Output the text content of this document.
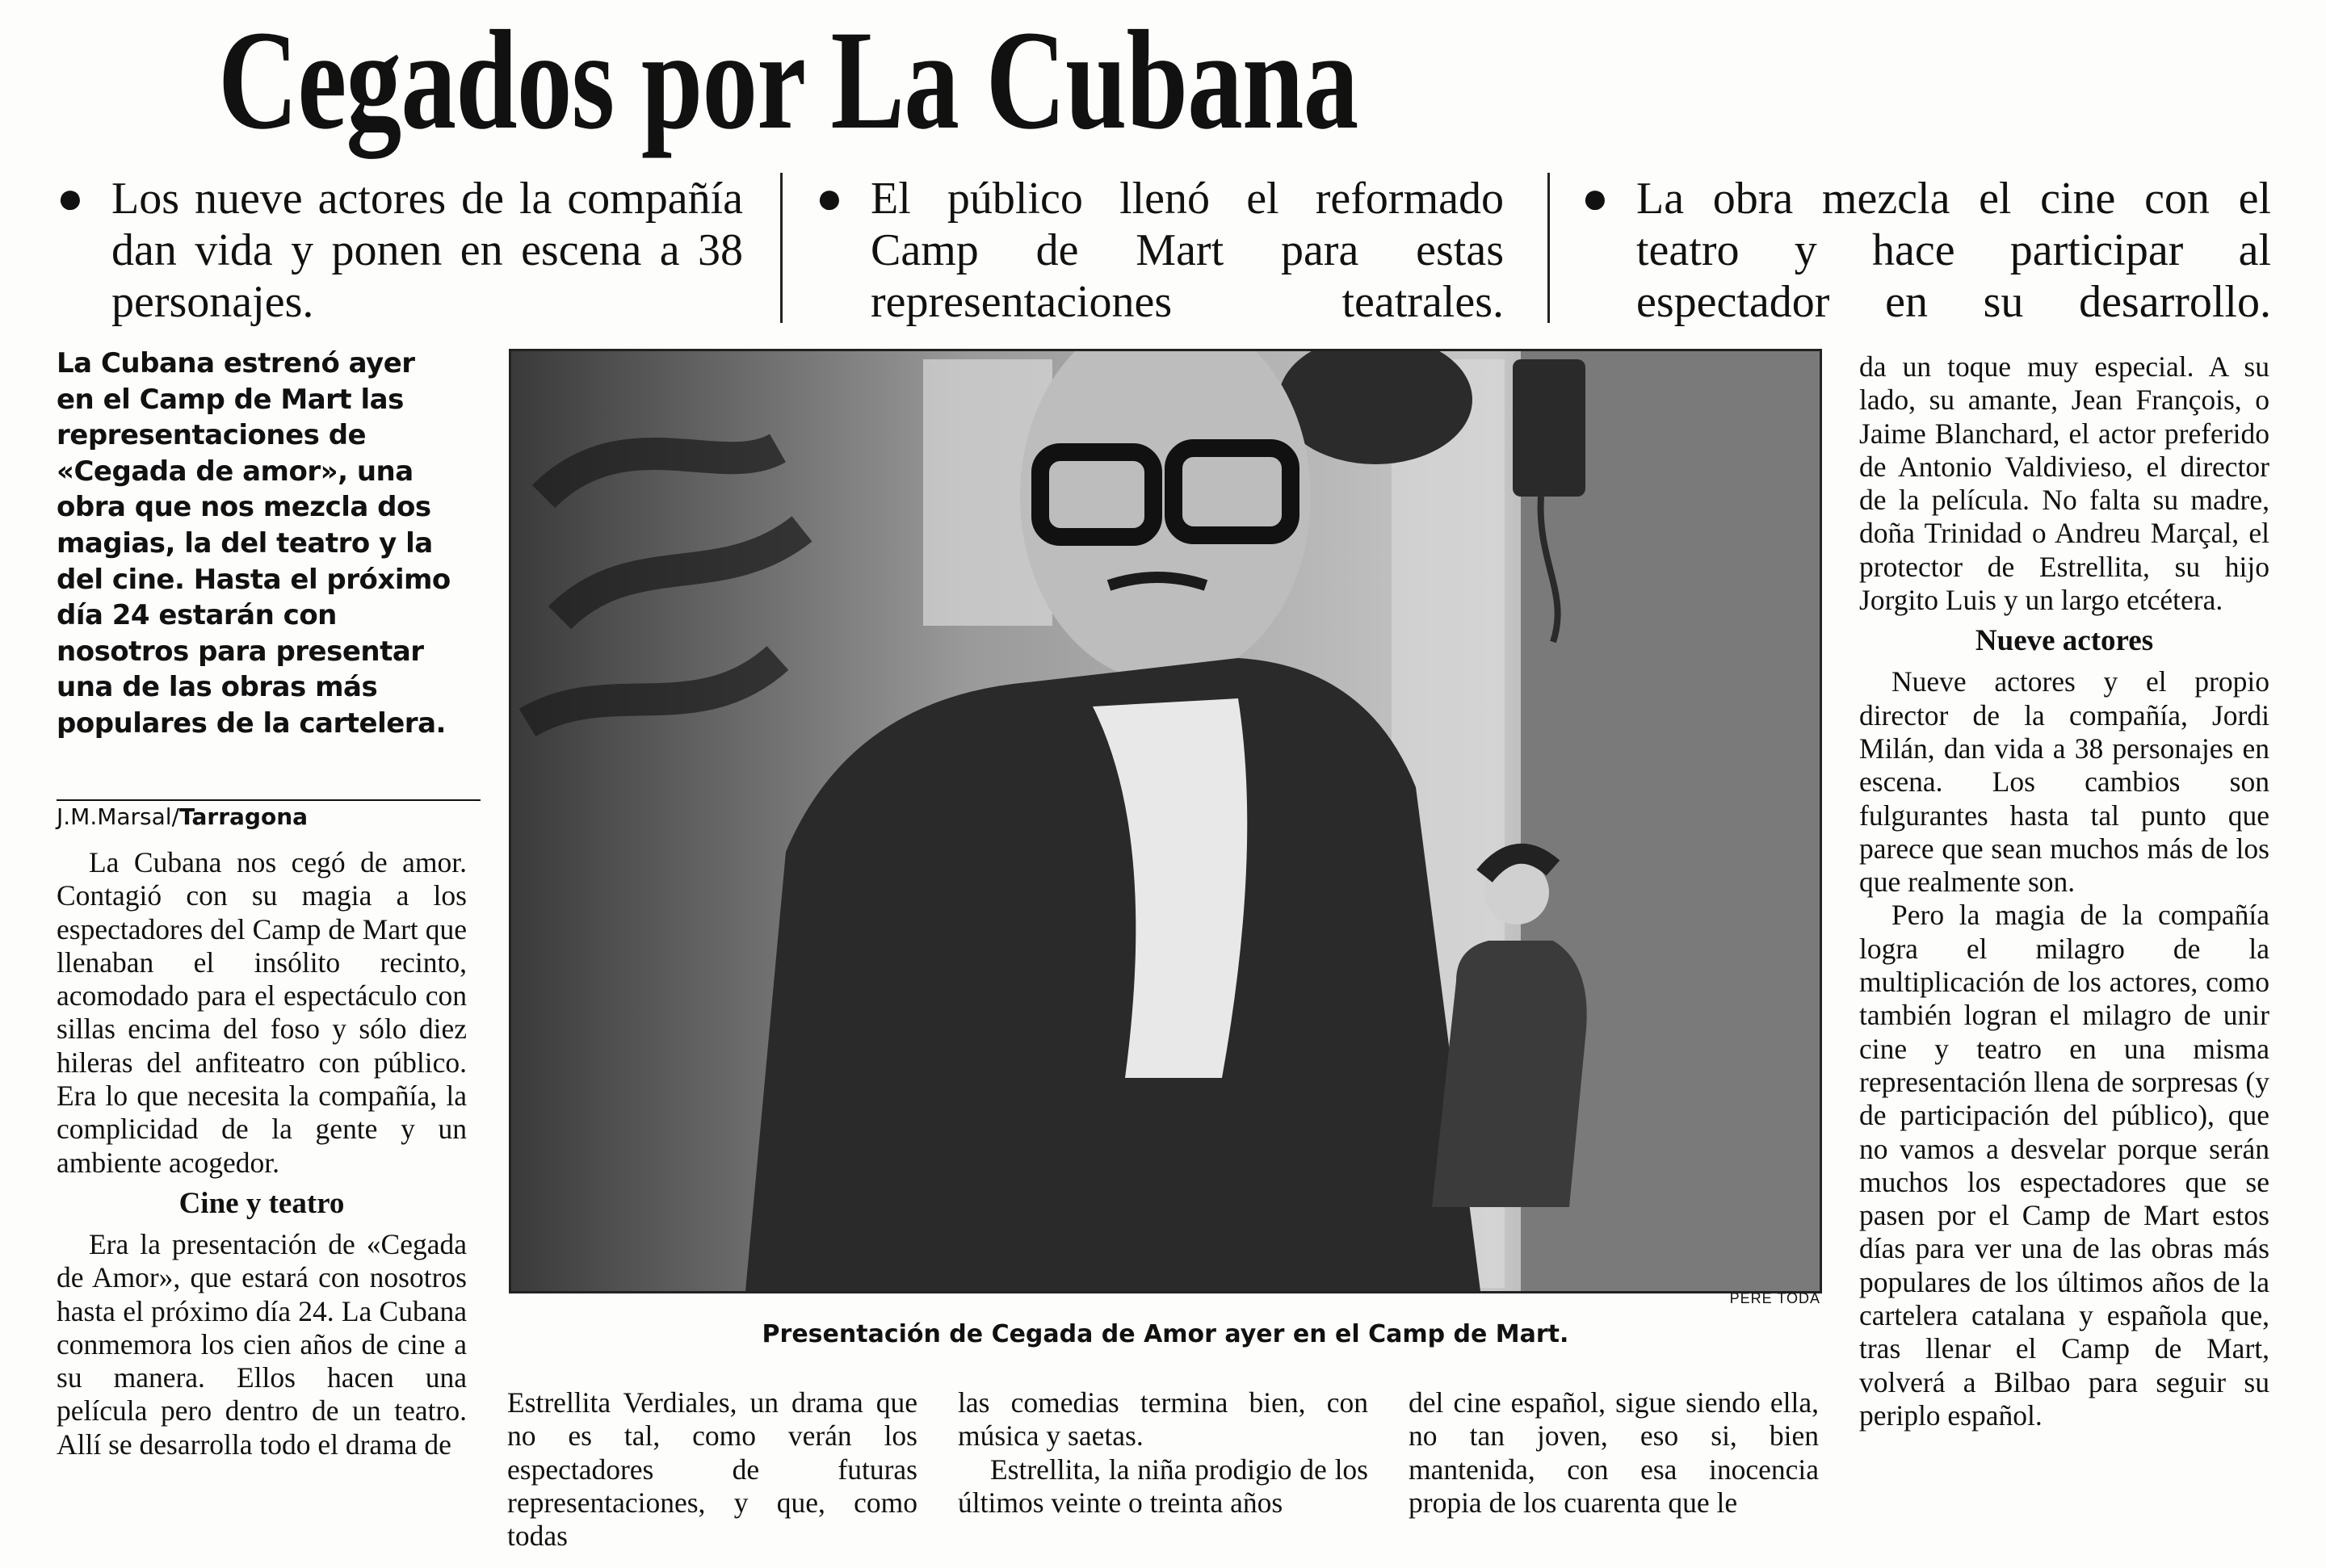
Cegados por La Cubana
● Los nueve actores de la compañía dan vida y ponen en escena a 38 personajes.
● El público llenó el reformado Camp de Mart para estas representaciones teatrales.
● La obra mezcla el cine con el teatro y hace participar al espectador en su desarrollo.
La Cubana estrenó ayer en el Camp de Mart las representaciones de «Cegada de amor», una obra que nos mezcla dos magias, la del teatro y la del cine. Hasta el próximo día 24 estarán con nosotros para presentar una de las obras más populares de la cartelera.
J.M.Marsal/Tarragona

La Cubana nos cegó de amor. Contagió con su magia a los espectadores del Camp de Mart que llenaban el insólito recinto, acomodado para el espectáculo con sillas encima del foso y sólo diez hileras del anfiteatro con público. Era lo que necesita la compañía, la complicidad de la gente y un ambiente acogedor.

Cine y teatro

Era la presentación de «Cegada de Amor», que estará con nosotros hasta el próximo día 24. La Cubana conmemora los cien años de cine a su manera. Ellos hacen una película pero dentro de un teatro. Allí se desarrolla todo el drama de

PERE TODA
Presentación de Cegada de Amor ayer en el Camp de Mart.
Estrellita Verdiales, un drama que no es tal, como verán los espectadores de futuras representaciones, y que, como todas
las comedias termina bien, con música y saetas.

Estrellita, la niña prodigio de los últimos veinte o treinta años

del cine español, sigue siendo ella, no tan joven, eso si, bien mantenida, con esa inocencia propia de los cuarenta que le
da un toque muy especial. A su lado, su amante, Jean François, o Jaime Blanchard, el actor preferido de Antonio Valdivieso, el director de la película. No falta su madre, doña Trinidad o Andreu Marçal, el protector de Estrellita, su hijo Jorgito Luis y un largo etcétera.
Nueve actores

Nueve actores y el propio director de la compañía, Jordi Milán, dan vida a 38 personajes en escena. Los cambios son fulgurantes hasta tal punto que parece que sean muchos más de los que realmente son.

Pero la magia de la compañía logra el milagro de la multiplicación de los actores, como también logran el milagro de unir cine y teatro en una misma representación llena de sorpresas (y de participación del público), que no vamos a desvelar porque serán muchos los espectadores que se pasen por el Camp de Mart estos días para ver una de las obras más populares de los últimos años de la cartelera catalana y española que, tras llenar el Camp de Mart, volverá a Bilbao para seguir su periplo español.
